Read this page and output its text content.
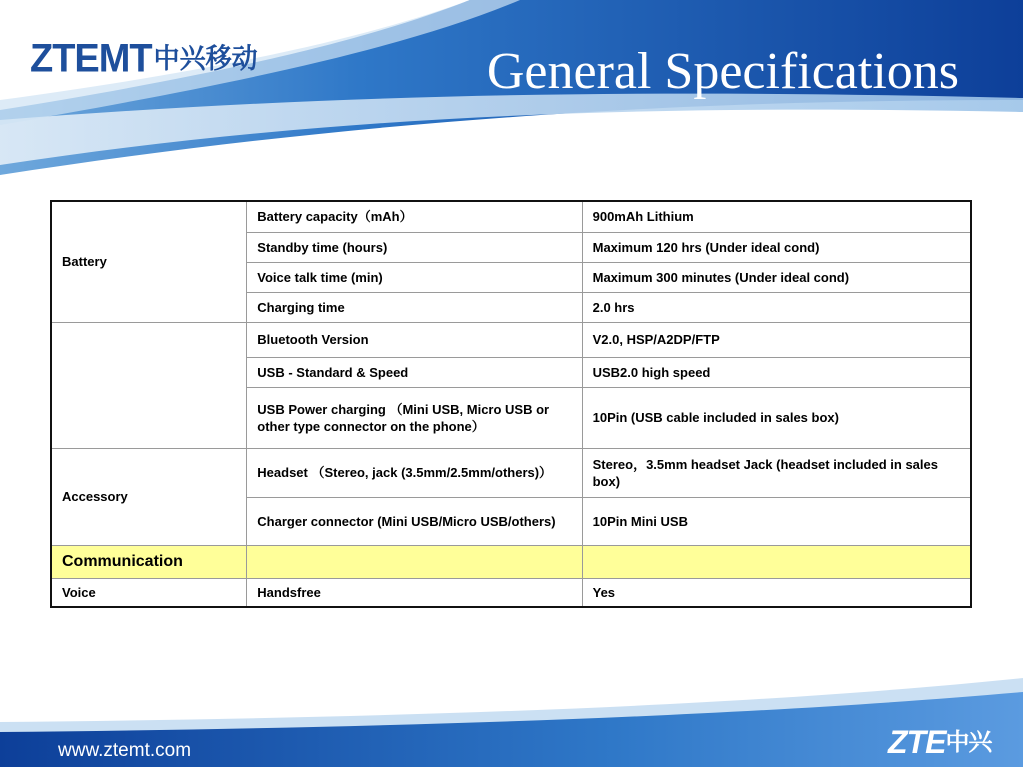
ZTEMT中兴移动	General Specifications
Battery	Battery capacity（mAh）	900mAh Lithium
	Standby time (hours)	Maximum 120 hrs (Under ideal cond)
	Voice talk time (min)	Maximum 300 minutes (Under ideal cond)
	Charging time	2.0 hrs
	Bluetooth Version	V2.0, HSP/A2DP/FTP
	USB - Standard & Speed	USB2.0 high speed
	USB Power charging （Mini USB, Micro USB or other type connector on the phone）	10Pin (USB cable included in sales box)
Accessory	Headset （Stereo, jack (3.5mm/2.5mm/others)）	Stereo，3.5mm headset Jack (headset included in sales box)
	Charger connector (Mini USB/Micro USB/others)	10Pin Mini USB
Communication		
Voice	Handsfree	Yes
www.ztemt.com	ZTE中兴
